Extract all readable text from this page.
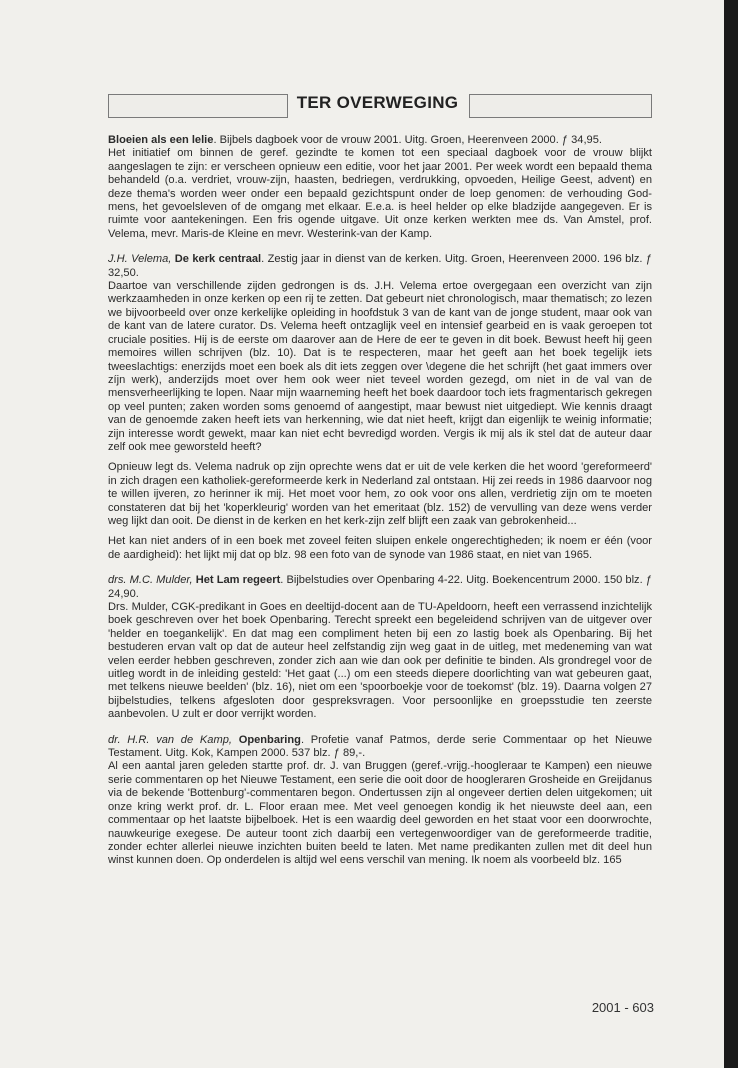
TER OVERWEGING

Bloeien als een lelie. Bijbels dagboek voor de vrouw 2001. Uitg. Groen, Heerenveen 2000. ƒ 34,95.

Het initiatief om binnen de geref. gezindte te komen tot een speciaal dagboek voor de vrouw blijkt aangeslagen te zijn: er verscheen opnieuw een editie, voor het jaar 2001. Per week wordt een bepaald thema behandeld (o.a. verdriet, vrouw-zijn, haasten, bedriegen, verdrukking, opvoeden, Heilige Geest, advent) en deze thema's worden weer onder een bepaald gezichtspunt onder de loep genomen: de verhouding God-mens, het gevoelsleven of de omgang met elkaar. E.e.a. is heel helder op elke bladzijde aangegeven. Er is ruimte voor aantekeningen. Een fris ogende uitgave. Uit onze kerken werkten mee ds. Van Amstel, prof. Velema, mevr. Maris-de Kleine en mevr. Westerink-van der Kamp.

J.H. Velema, De kerk centraal. Zestig jaar in dienst van de kerken. Uitg. Groen, Heerenveen 2000. 196 blz. ƒ 32,50.

Daartoe van verschillende zijden gedrongen is ds. J.H. Velema ertoe overgegaan een overzicht van zijn werkzaamheden in onze kerken op een rij te zetten. Dat gebeurt niet chronologisch, maar thematisch; zo lezen we bijvoorbeeld over onze kerkelijke opleiding in hoofdstuk 3 van de kant van de jonge student, maar ook van de kant van de latere curator. Ds. Velema heeft ontzaglijk veel en intensief gearbeid en is vaak geroepen tot cruciale posities. Hij is de eerste om daarover aan de Here de eer te geven in dit boek. Bewust heeft hij geen memoires willen schrijven (blz. 10). Dat is te respecteren, maar het geeft aan het boek tegelijk iets tweeslachtigs: enerzijds moet een boek als dit iets zeggen over \degene die het schrijft (het gaat immers over zíjn werk), anderzijds moet over hem ook weer niet teveel worden gezegd, om niet in de val van de mensverheerlijking te lopen. Naar mijn waarneming heeft het boek daardoor toch iets fragmentarisch gekregen op veel punten; zaken worden soms genoemd of aangestipt, maar bewust niet uitgediept. Wie kennis draagt van de genoemde zaken heeft iets van herkenning, wie dat niet heeft, krijgt dan eigenlijk te weinig informatie; zijn interesse wordt gewekt, maar kan niet echt bevredigd worden. Vergis ik mij als ik stel dat de auteur daar zelf ook mee geworsteld heeft?

Opnieuw legt ds. Velema nadruk op zijn oprechte wens dat er uit de vele kerken die het woord 'gereformeerd' in zich dragen een katholiek-gereformeerde kerk in Nederland zal ontstaan. Hij zei reeds in 1986 daarvoor nog te willen ijveren, zo herinner ik mij. Het moet voor hem, zo ook voor ons allen, verdrietig zijn om te moeten constateren dat bij het 'koperkleurig' worden van het emeritaat (blz. 152) de vervulling van deze wens verder weg lijkt dan ooit. De dienst in de kerken en het kerk-zijn zelf blijft een zaak van gebrokenheid...

Het kan niet anders of in een boek met zoveel feiten sluipen enkele ongerechtigheden; ik noem er één (voor de aardigheid): het lijkt mij dat op blz. 98 een foto van de synode van 1986 staat, en niet van 1965.

drs. M.C. Mulder, Het Lam regeert. Bijbelstudies over Openbaring 4-22. Uitg. Boekencentrum 2000. 150 blz. ƒ 24,90.

Drs. Mulder, CGK-predikant in Goes en deeltijd-docent aan de TU-Apeldoorn, heeft een verrassend inzichtelijk boek geschreven over het boek Openbaring. Terecht spreekt een begeleidend schrijven van de uitgever over 'helder en toegankelijk'. En dat mag een compliment heten bij een zo lastig boek als Openbaring. Bij het bestuderen ervan valt op dat de auteur heel zelfstandig zijn weg gaat in de uitleg, met medeneming van wat velen eerder hebben geschreven, zonder zich aan wie dan ook per definitie te binden. Als grondregel voor de uitleg wordt in de inleiding gesteld: 'Het gaat (...) om een steeds diepere doorlichting van wat gebeuren gaat, met telkens nieuwe beelden' (blz. 16), niet om een 'spoorboekje voor de toekomst' (blz. 19). Daarna volgen 27 bijbelstudies, telkens afgesloten door gespreksvragen. Voor persoonlijke en groepsstudie ten zeerste aanbevolen. U zult er door verrijkt worden.

dr. H.R. van de Kamp, Openbaring. Profetie vanaf Patmos, derde serie Commentaar op het Nieuwe Testament. Uitg. Kok, Kampen 2000. 537 blz. ƒ 89,-.

Al een aantal jaren geleden startte prof. dr. J. van Bruggen (geref.-vrijg.-hoogleraar te Kampen) een nieuwe serie commentaren op het Nieuwe Testament, een serie die ooit door de hoogleraren Grosheide en Greijdanus via de bekende 'Bottenburg'-commentaren begon. Ondertussen zijn al ongeveer dertien delen uitgekomen; uit onze kring werkt prof. dr. L. Floor eraan mee. Met veel genoegen kondig ik het nieuwste deel aan, een commentaar op het laatste bijbelboek. Het is een waardig deel geworden en het staat voor een doorwrochte, nauwkeurige exegese. De auteur toont zich daarbij een vertegenwoordiger van de gereformeerde traditie, zonder echter allerlei nieuwe inzichten buiten beeld te laten. Met name predikanten zullen met dit deel hun winst kunnen doen. Op onderdelen is altijd wel eens verschil van mening. Ik noem als voorbeeld blz. 165

2001 - 603
